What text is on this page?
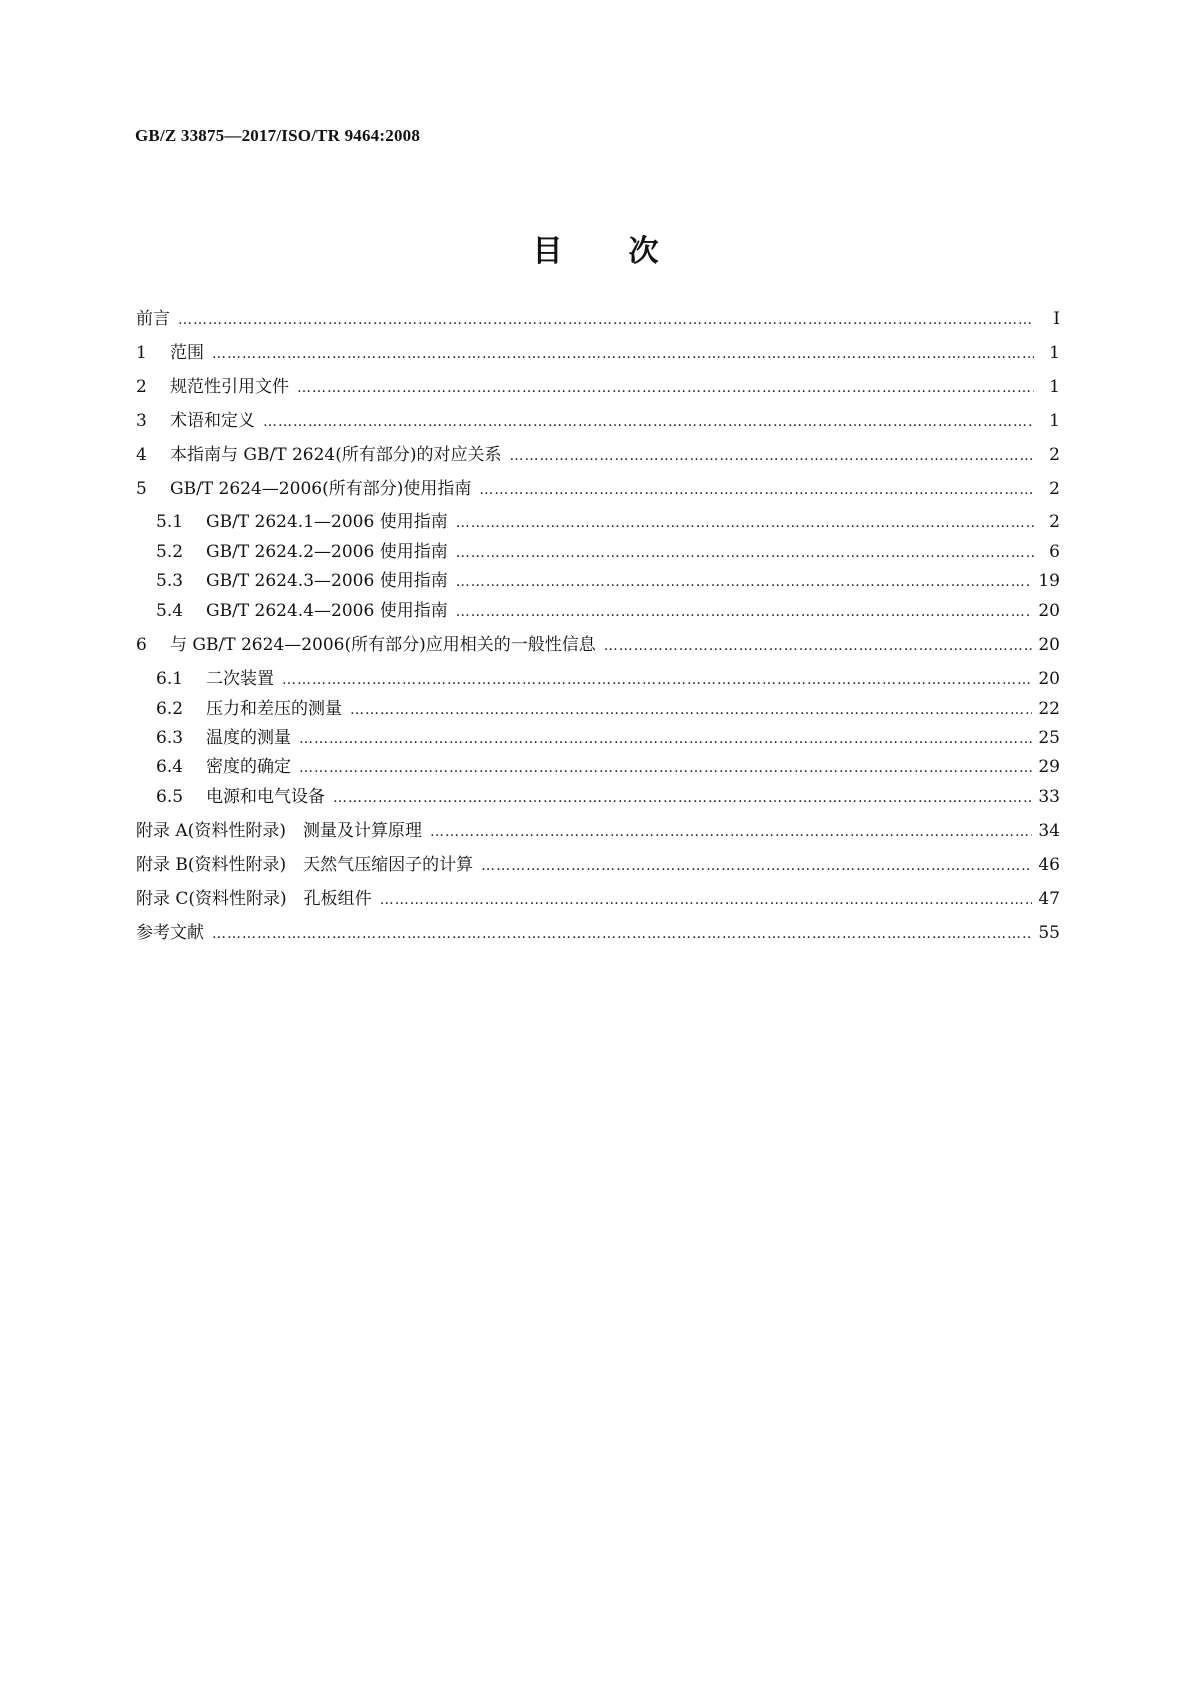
GB/Z 33875—2017/ISO/TR 9464:2008
目 次
前言 ……………………………………………………………………………………………………………………………………………………………………………………………………………………………………	Ⅰ
1	范围 ……………………………………………………………………………………………………………………………………………………………………………………………………………………………………	1
2	规范性引用文件 ……………………………………………………………………………………………………………………………………………………………………………………………………………………………………	1
3	术语和定义 ……………………………………………………………………………………………………………………………………………………………………………………………………………………………………	1
4	本指南与 GB/T 2624(所有部分)的对应关系 ……………………………………………………………………………………………………………………………………………………………………………………………………………………………………	2
5	GB/T 2624—2006(所有部分)使用指南 ……………………………………………………………………………………………………………………………………………………………………………………………………………………………………	2
5.1	GB/T 2624.1—2006 使用指南 ……………………………………………………………………………………………………………………………………………………………………………………………………………………………………	2
5.2	GB/T 2624.2—2006 使用指南 ……………………………………………………………………………………………………………………………………………………………………………………………………………………………………	6
5.3	GB/T 2624.3—2006 使用指南 ……………………………………………………………………………………………………………………………………………………………………………………………………………………………………	19
5.4	GB/T 2624.4—2006 使用指南 ……………………………………………………………………………………………………………………………………………………………………………………………………………………………………	20
6	与 GB/T 2624—2006(所有部分)应用相关的一般性信息 ……………………………………………………………………………………………………………………………………………………………………………………………………………………………………	20
6.1	二次装置 ……………………………………………………………………………………………………………………………………………………………………………………………………………………………………	20
6.2	压力和差压的测量 ……………………………………………………………………………………………………………………………………………………………………………………………………………………………………	22
6.3	温度的测量 ……………………………………………………………………………………………………………………………………………………………………………………………………………………………………	25
6.4	密度的确定 ……………………………………………………………………………………………………………………………………………………………………………………………………………………………………	29
6.5	电源和电气设备 ……………………………………………………………………………………………………………………………………………………………………………………………………………………………………	33
附录 A(资料性附录)　测量及计算原理 ……………………………………………………………………………………………………………………………………………………………………………………………………………………………………	34
附录 B(资料性附录)　天然气压缩因子的计算 ……………………………………………………………………………………………………………………………………………………………………………………………………………………………………	46
附录 C(资料性附录)　孔板组件 ……………………………………………………………………………………………………………………………………………………………………………………………………………………………………	47
参考文献 ……………………………………………………………………………………………………………………………………………………………………………………………………………………………………	55
